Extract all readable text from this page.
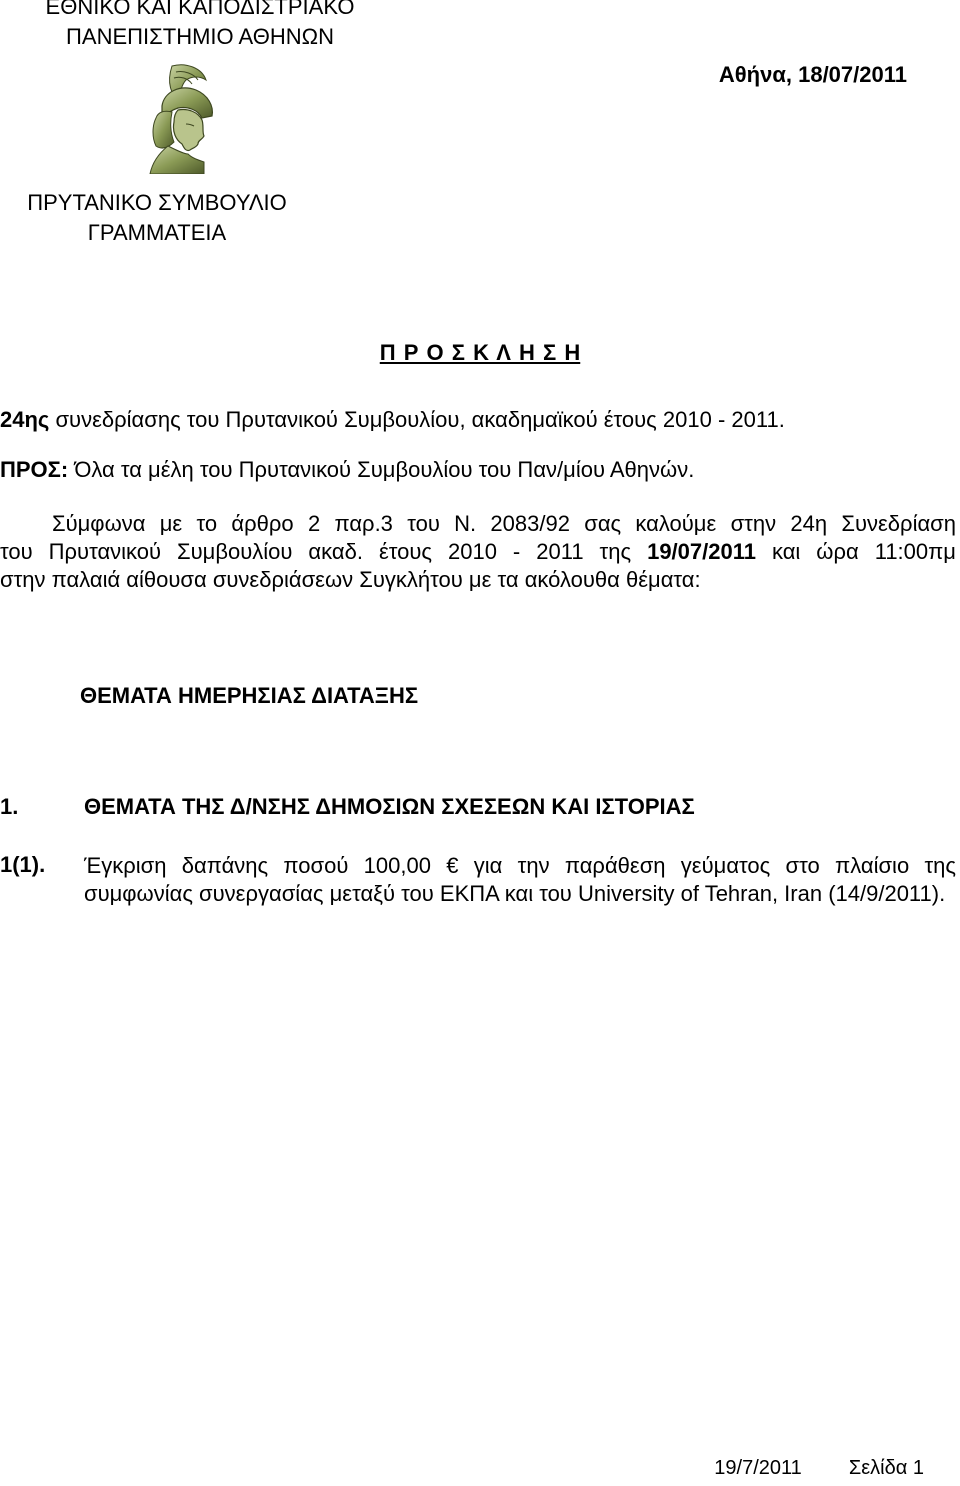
ΕΘΝΙΚΟ ΚΑΙ ΚΑΠΟΔΙΣΤΡΙΑΚΟ
ΠΑΝΕΠΙΣΤΗΜΙΟ ΑΘΗΝΩΝ
Αθήνα, 18/07/2011
ΠΡΥΤΑΝΙΚΟ ΣΥΜΒΟΥΛΙΟ
ΓΡΑΜΜΑΤΕΙΑ
Π Ρ Ο Σ Κ Λ Η Σ Η
24ης συνεδρίασης του Πρυτανικού Συμβουλίου, ακαδημαϊκού έτους 2010 - 2011.
ΠΡΟΣ: Όλα τα μέλη του Πρυτανικού Συμβουλίου του Παν/μίου Αθηνών.
Σύμφωνα με το άρθρο 2 παρ.3 του Ν. 2083/92 σας καλούμε στην 24η Συνεδρίαση
του Πρυτανικού Συμβουλίου ακαδ. έτους 2010 - 2011 της 19/07/2011 και ώρα 11:00πμ
στην παλαιά αίθουσα συνεδριάσεων Συγκλήτου με τα ακόλουθα θέματα:
ΘΕΜΑΤΑ ΗΜΕΡΗΣΙΑΣ ΔΙΑΤΑΞΗΣ
1.	ΘΕΜΑΤΑ ΤΗΣ Δ/ΝΣΗΣ ΔΗΜΟΣΙΩΝ ΣΧΕΣΕΩΝ ΚΑΙ ΙΣΤΟΡΙΑΣ
1(1). Έγκριση δαπάνης ποσού 100,00 € για την παράθεση γεύματος στο πλαίσιο της συμφωνίας συνεργασίας μεταξύ του ΕΚΠΑ και του University of Tehran, Iran (14/9/2011).
19/7/2011 Σελίδα 1
